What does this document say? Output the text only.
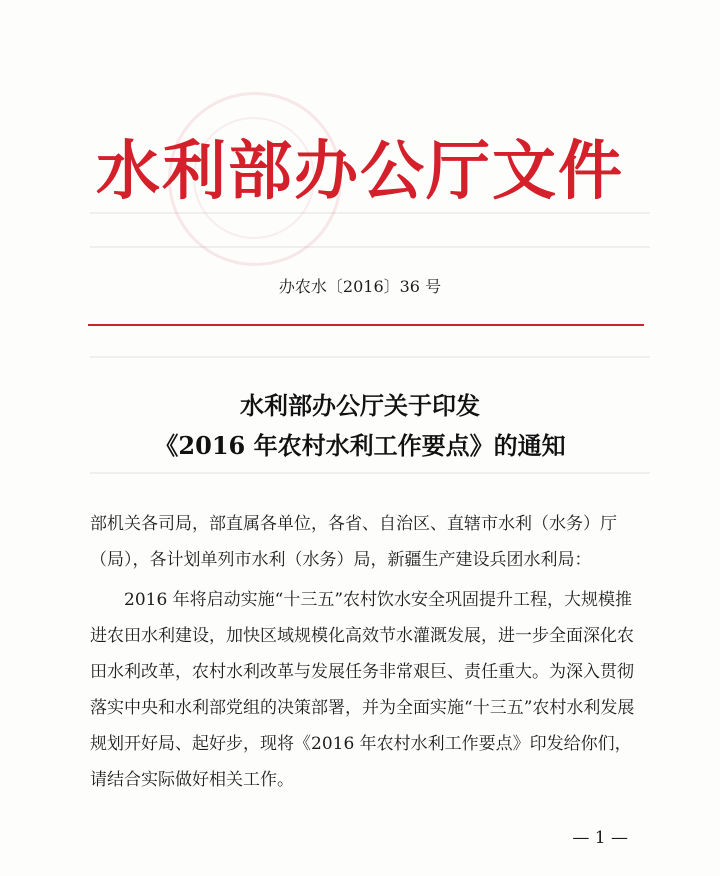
水利部办公厅文件

办农水〔2016〕36 号

水利部办公厅关于印发
《2016 年农村水利工作要点》的通知

部机关各司局，部直属各单位，各省、自治区、直辖市水利（水务）厅（局），各计划单列市水利（水务）局，新疆生产建设兵团水利局：

2016 年将启动实施“十三五”农村饮水安全巩固提升工程，大规模推进农田水利建设，加快区域规模化高效节水灌溉发展，进一步全面深化农田水利改革，农村水利改革与发展任务非常艰巨、责任重大。为深入贯彻落实中央和水利部党组的决策部署，并为全面实施“十三五”农村水利发展规划开好局、起好步，现将《2016 年农村水利工作要点》印发给你们，请结合实际做好相关工作。

— 1 —
